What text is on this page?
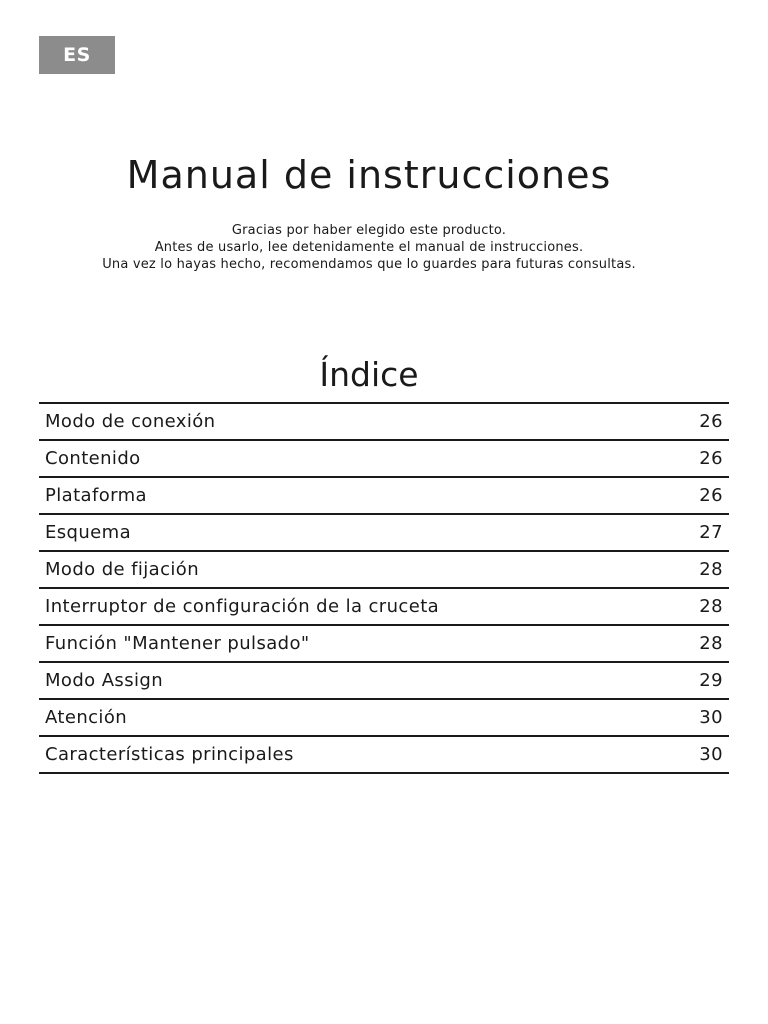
ES
Manual de instrucciones
Gracias por haber elegido este producto.
Antes de usarlo, lee detenidamente el manual de instrucciones.
Una vez lo hayas hecho, recomendamos que lo guardes para futuras consultas.
Índice
Modo de conexión	26
Contenido	26
Plataforma	26
Esquema	27
Modo de fijación	28
Interruptor de configuración de la cruceta	28
Función "Mantener pulsado"	28
Modo Assign	29
Atención	30
Características principales	30
